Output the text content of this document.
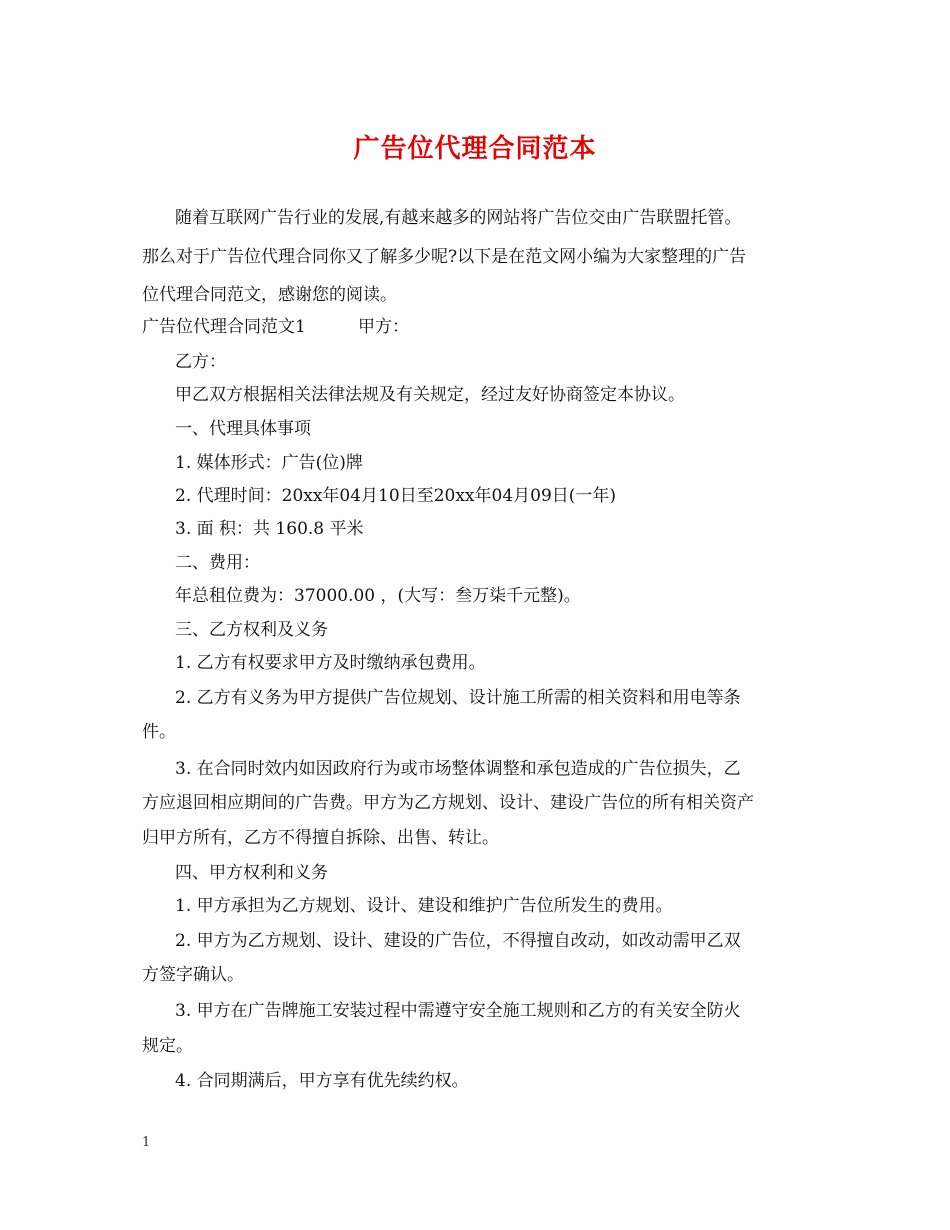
广告位代理合同范本
随着互联网广告行业的发展,有越来越多的网站将广告位交由广告联盟托管。
那么对于广告位代理合同你又了解多少呢?以下是在范文网小编为大家整理的广告
位代理合同范文，感谢您的阅读。
广告位代理合同范文1	甲方：
乙方：
甲乙双方根据相关法律法规及有关规定，经过友好协商签定本协议。
一、代理具体事项
1. 媒体形式：广告(位)牌
2. 代理时间：20xx年04月10日至20xx年04月09日(一年)
3. 面 积：共 160.8 平米
二、费用：
年总租位费为：37000.00 ，(大写：叁万柒千元整)。
三、乙方权利及义务
1. 乙方有权要求甲方及时缴纳承包费用。
2. 乙方有义务为甲方提供广告位规划、设计施工所需的相关资料和用电等条
件。
3. 在合同时效内如因政府行为或市场整体调整和承包造成的广告位损失，乙
方应退回相应期间的广告费。甲方为乙方规划、设计、建设广告位的所有相关资产
归甲方所有，乙方不得擅自拆除、出售、转让。
四、甲方权利和义务
1. 甲方承担为乙方规划、设计、建设和维护广告位所发生的费用。
2. 甲方为乙方规划、设计、建设的广告位，不得擅自改动，如改动需甲乙双
方签字确认。
3. 甲方在广告牌施工安装过程中需遵守安全施工规则和乙方的有关安全防火
规定。
4. 合同期满后，甲方享有优先续约权。
1
